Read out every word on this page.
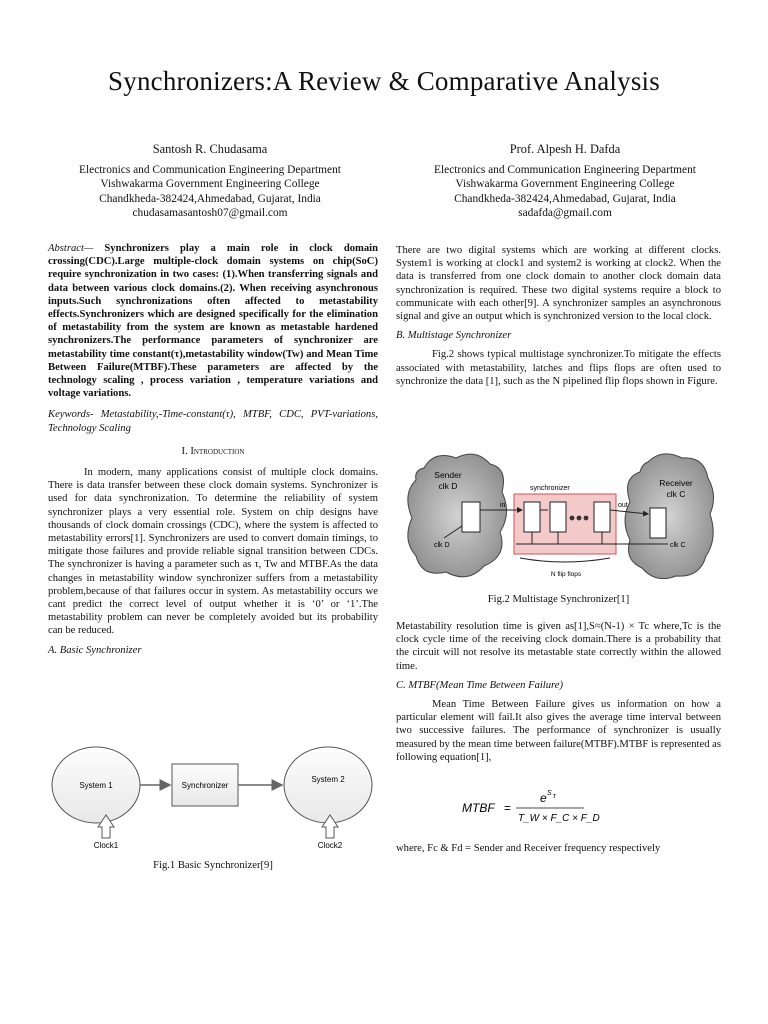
Synchronizers:A Review & Comparative Analysis
Santosh R. Chudasama
Electronics and Communication Engineering Department
Vishwakarma Government Engineering College
Chandkheda-382424,Ahmedabad, Gujarat, India
chudasamasantosh07@gmail.com
Prof. Alpesh H. Dafda
Electronics and Communication Engineering Department
Vishwakarma Government Engineering College
Chandkheda-382424,Ahmedabad, Gujarat, India
sadafda@gmail.com

Abstract— Synchronizers play a main role in clock domain crossing(CDC).Large multiple-clock domain systems on chip(SoC) require synchronization in two cases: (1).When transferring signals and data between various clock domains.(2). When receiving asynchronous inputs.Such synchronizations often affected to metastability effects.Synchronizers which are designed specifically for the elimination of metastability from the system are known as metastable hardened synchronizers.The performance parameters of synchronizer are metastability time constant(τ),metastability window(Tw) and Mean Time Between Failure(MTBF).These parameters are affected by the technology scaling , process variation , temperature variations and voltage variations.

Keywords- Metastability,-Time-constant(τ), MTBF, CDC, PVT-variations, Technology Scaling

I. Introduction

In modern, many applications consist of multiple clock domains. There is data transfer between these clock domain systems. Synchronizer is used for data synchronization. To determine the reliability of system synchronizer plays a very essential role. System on chip designs have thousands of clock domain crossings (CDC), where the system is affected to metastability errors[1]. Synchronizers are used to convert domain timings, to mitigate those failures and provide reliable signal transition between CDCs. The synchronizer is having a parameter such as τ, Tw and MTBF.As the data changes in metastability window synchronizer suffers from a metastability problem,because of that failures occur in system. As metastability occurs we cant predict the correct level of output whether it is ‘0’ or ‘1’.The metastability problem can never be completely avoided but its probability can be reduced.

A. Basic Synchronizer
System 1	Synchronizer
System 2
Clock1	Clock2
Fig.1 Basic Synchronizer[9]

There are two digital systems which are working at different clocks. System1 is working at clock1 and system2 is working at clock2. When the data is transferred from one clock domain to another clock domain data synchronization is required. These two digital systems require a block to communicate with each other[9]. A synchronizer samples an asynchronous signal and give an output which is synchronized version to the local clock.

B. Multistage Synchronizer

Fig.2 shows typical multistage synchronizer.To mitigate the effects associated with metastability, latches and flips flops are often used to synchronize the data [1], such as the N pipelined flip flops shown in Figure.

Sender
clk D	Receiver
clk C
synchronizer
in	out
clk D	clk C
N flip flops
Fig.2 Multistage Synchronizer[1]

Metastability resolution time is given as[1],S≈(N-1) × Tc where,Tc is the clock cycle time of the receiving clock domain.There is a probability that the circuit will not resolve its metastable state correctly within the allowed time.

C. MTBF(Mean Time Between Failure)

Mean Time Between Failure gives us information on how a particular element will fail.It also gives the average time interval between two successive failures. The performance of synchronizer is usually measured by the mean time between failure(MTBF).MTBF is represented as following equation[1],

MTBF =
e S τ
T_W × F_C × F_D

where, Fc & Fd = Sender and Receiver frequency respectively
